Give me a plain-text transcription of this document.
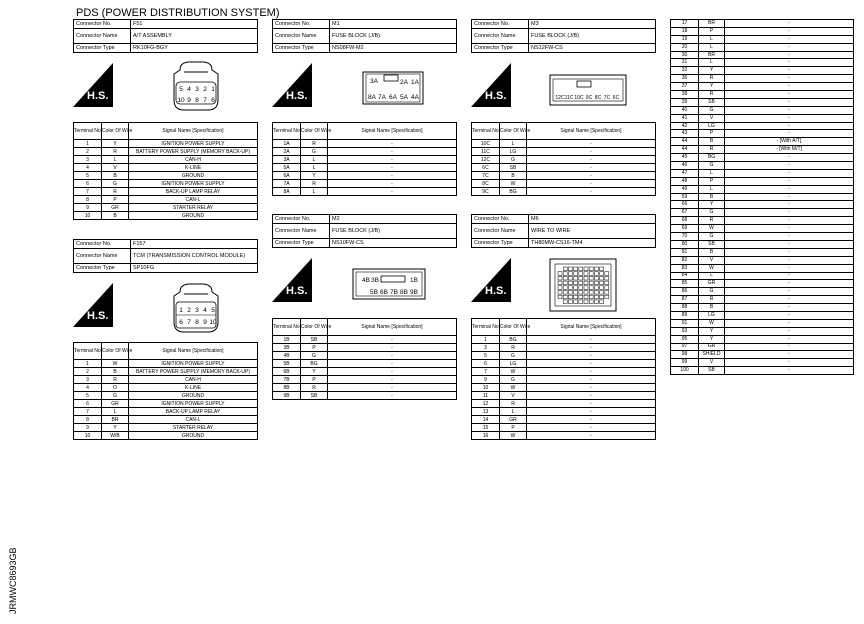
PDS (POWER DISTRIBUTION SYSTEM)
JRMWC8693GB
Connector No.	F51
Connector Name	A/T ASSEMBLY
Connector Type	RK10FG-BGY
H.S.
5 4 3 2 1
10 9 8 7 6
Terminal No.	Color Of Wire	Signal Name [Specification]
1	Y	IGNITION POWER SUPPLY
2	R	BATTERY POWER SUPPLY (MEMORY BACK-UP)
3	L	CAN-H
4	V	K-LINE
5	B	GROUND
6	G	IGNITION POWER SUPPLY
7	R	BACK-UP LAMP RELAY
8	P	CAN-L
9	GR	STARTER RELAY
10	B	GROUND
Connector No.	F157
Connector Name	TCM (TRANSMISSION CONTROL MODULE)
Connector Type	SP10FG
H.S.	1 2 3 4 5
6 7 8 9 10
Terminal No.	Color Of Wire	Signal Name [Specification]
1	W	IGNITION POWER SUPPLY
2	B	BATTERY POWER SUPPLY (MEMORY BACK-UP)
3	R	CAN-H
4	O	K-LINE
5	G	GROUND
6	GR	IGNITION POWER SUPPLY
7	L	BACK-UP LAMP RELAY
8	BR	CAN-L
9	Y	STARTER RELAY
10	W/B	GROUND
Connector No.	M1
Connector Name	FUSE BLOCK (J/B)
Connector Type	NS08FW-M2
H.S.
3A	2A 1A
8A 7A 6A 5A 4A
Terminal No.	Color Of Wire	Signal Name [Specification]
1A	R	-
2A	G	-
3A	L	-
5A	L	-
6A	Y	-
7A	R	-
8A	L	-
Connector No.	M2
Connector Name	FUSE BLOCK (J/B)
Connector Type	NS10FW-CS
H.S.
4B 3B	1B
9B
8B
7B
6B
5B
Terminal No.	Color Of Wire	Signal Name [Specification]
1B	SB	-
3B	P	-
4B	G	-
5B	BG	-
6B	Y	-
7B	P	-
8B	R	-
9B	SB	-
Connector No.	M3
Connector Name	FUSE BLOCK (J/B)
Connector Type	NS12FW-CS
H.S.	12C 11C 10C 9C 8C 7C 6C
Terminal No.	Color Of Wire	Signal Name [Specification]
10C	L	-
11C	LG	-
12C	G	-
6C	SB	-
7C	B	-
8C	W	-
9C	BG	-
Connector No.	M6
Connector Name	WIRE TO WIRE
Connector Type	TH80MW-CS16-TM4
H.S.
Terminal No.	Color Of Wire	Signal Name [Specification]
1	BG	-
3	R	-
5	G	-
6	LG	-
7	W	-
9	G	-
10	W	-
11	V	-
12	R	-
13	L	-
14	GR	-
15	P	-
16	W	-
17	BR	-
18	P	-
19	L	-
20	L	-
30	BR	-
31	L	-
32	Y	-
36	R	-
37	Y	-
38	R	-
39	SB	-
40	G	-
41	V	-
42	LG	-
43	P	-
44	B	- [With A/T]
44	R	- [With M/T]
45	BG	-
46	G	-
47	L	-
48	P	-
49	L	-
59	B	-
66	Y	-
67	G	-
68	R	-
69	W	-
70	G	-
80	SB	-
81	B	-
82	V	-
83	W	-
84	L	-
85	GR	-
86	G	-
87	R	-
88	B	-
89	LG	-
91	W	-
93	Y	-
95	Y	-
97	GR	-
98	SHIELD	-
99	V	-
100	SB	-
